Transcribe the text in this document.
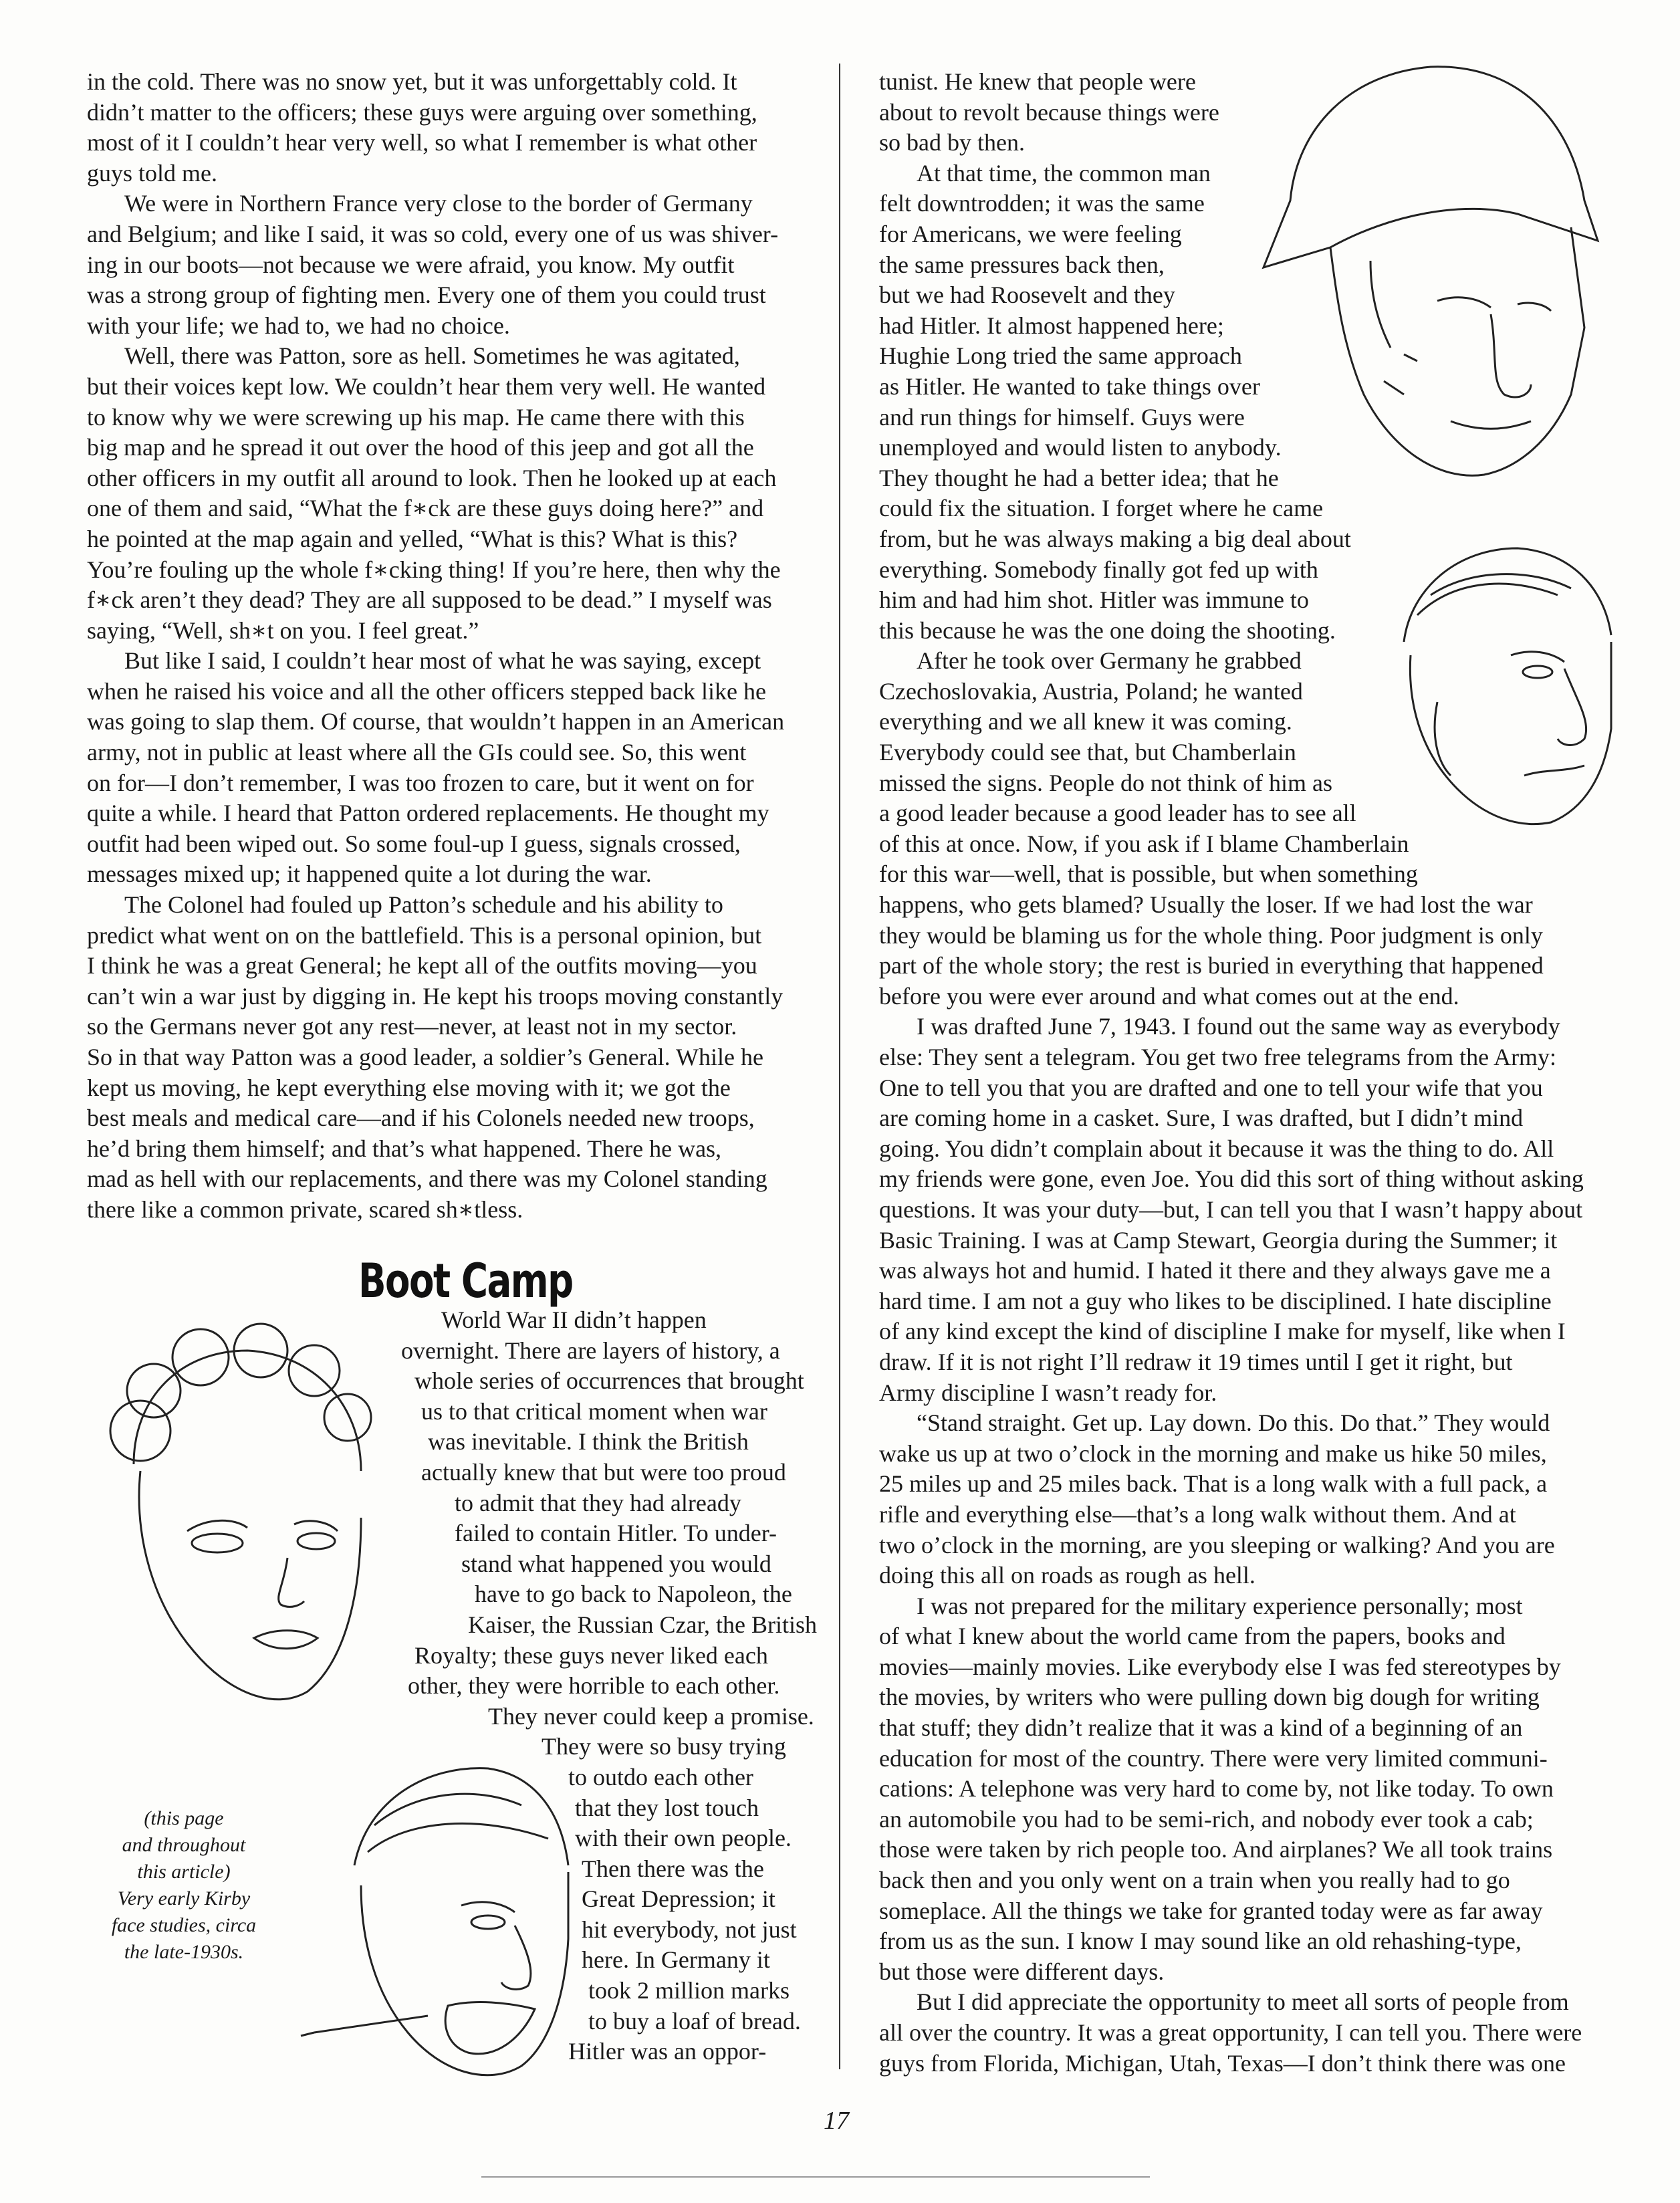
in the cold. There was no snow yet, but it was unforgettably cold. It
didn’t matter to the officers; these guys were arguing over something,
most of it I couldn’t hear very well, so what I remember is what other
guys told me.
We were in Northern France very close to the border of Germany
and Belgium; and like I said, it was so cold, every one of us was shiver-
ing in our boots—not because we were afraid, you know. My outfit
was a strong group of fighting men. Every one of them you could trust
with your life; we had to, we had no choice.
Well, there was Patton, sore as hell. Sometimes he was agitated,
but their voices kept low. We couldn’t hear them very well. He wanted
to know why we were screwing up his map. He came there with this
big map and he spread it out over the hood of this jeep and got all the
other officers in my outfit all around to look. Then he looked up at each
one of them and said, “What the f∗ck are these guys doing here?” and
he pointed at the map again and yelled, “What is this? What is this?
You’re fouling up the whole f∗cking thing! If you’re here, then why the
f∗ck aren’t they dead? They are all supposed to be dead.” I myself was
saying, “Well, sh∗t on you. I feel great.”
But like I said, I couldn’t hear most of what he was saying, except
when he raised his voice and all the other officers stepped back like he
was going to slap them. Of course, that wouldn’t happen in an American
army, not in public at least where all the GIs could see. So, this went
on for—I don’t remember, I was too frozen to care, but it went on for
quite a while. I heard that Patton ordered replacements. He thought my
outfit had been wiped out. So some foul-up I guess, signals crossed,
messages mixed up; it happened quite a lot during the war.
The Colonel had fouled up Patton’s schedule and his ability to
predict what went on on the battlefield. This is a personal opinion, but
I think he was a great General; he kept all of the outfits moving—you
can’t win a war just by digging in. He kept his troops moving constantly
so the Germans never got any rest—never, at least not in my sector.
So in that way Patton was a good leader, a soldier’s General. While he
kept us moving, he kept everything else moving with it; we got the
best meals and medical care—and if his Colonels needed new troops,
he’d bring them himself; and that’s what happened. There he was,
mad as hell with our replacements, and there was my Colonel standing
there like a common private, scared sh∗tless.
Boot Camp
World War II didn’t happen
overnight. There are layers of history, a
whole series of occurrences that brought
us to that critical moment when war
was inevitable. I think the British
actually knew that but were too proud
to admit that they had already
failed to contain Hitler. To under-
stand what happened you would
have to go back to Napoleon, the
Kaiser, the Russian Czar, the British
Royalty; these guys never liked each
other, they were horrible to each other.
They never could keep a promise.
They were so busy trying
to outdo each other
that they lost touch
with their own people.
Then there was the
Great Depression; it
hit everybody, not just
here. In Germany it
took 2 million marks
to buy a loaf of bread.
Hitler was an oppor-
(this page
and throughout
this article)
Very early Kirby
face studies, circa
the late-1930s.
tunist. He knew that people were
about to revolt because things were
so bad by then.
At that time, the common man
felt downtrodden; it was the same
for Americans, we were feeling
the same pressures back then,
but we had Roosevelt and they
had Hitler. It almost happened here;
Hughie Long tried the same approach
as Hitler. He wanted to take things over
and run things for himself. Guys were
unemployed and would listen to anybody.
They thought he had a better idea; that he
could fix the situation. I forget where he came
from, but he was always making a big deal about
everything. Somebody finally got fed up with
him and had him shot. Hitler was immune to
this because he was the one doing the shooting.
After he took over Germany he grabbed
Czechoslovakia, Austria, Poland; he wanted
everything and we all knew it was coming.
Everybody could see that, but Chamberlain
missed the signs. People do not think of him as
a good leader because a good leader has to see all
of this at once. Now, if you ask if I blame Chamberlain
for this war—well, that is possible, but when something
happens, who gets blamed? Usually the loser. If we had lost the war
they would be blaming us for the whole thing. Poor judgment is only
part of the whole story; the rest is buried in everything that happened
before you were ever around and what comes out at the end.
I was drafted June 7, 1943. I found out the same way as everybody
else: They sent a telegram. You get two free telegrams from the Army:
One to tell you that you are drafted and one to tell your wife that you
are coming home in a casket. Sure, I was drafted, but I didn’t mind
going. You didn’t complain about it because it was the thing to do. All
my friends were gone, even Joe. You did this sort of thing without asking
questions. It was your duty—but, I can tell you that I wasn’t happy about
Basic Training. I was at Camp Stewart, Georgia during the Summer; it
was always hot and humid. I hated it there and they always gave me a
hard time. I am not a guy who likes to be disciplined. I hate discipline
of any kind except the kind of discipline I make for myself, like when I
draw. If it is not right I’ll redraw it 19 times until I get it right, but
Army discipline I wasn’t ready for.
“Stand straight. Get up. Lay down. Do this. Do that.” They would
wake us up at two o’clock in the morning and make us hike 50 miles,
25 miles up and 25 miles back. That is a long walk with a full pack, a
rifle and everything else—that’s a long walk without them. And at
two o’clock in the morning, are you sleeping or walking? And you are
doing this all on roads as rough as hell.
I was not prepared for the military experience personally; most
of what I knew about the world came from the papers, books and
movies—mainly movies. Like everybody else I was fed stereotypes by
the movies, by writers who were pulling down big dough for writing
that stuff; they didn’t realize that it was a kind of a beginning of an
education for most of the country. There were very limited communi-
cations: A telephone was very hard to come by, not like today. To own
an automobile you had to be semi-rich, and nobody ever took a cab;
those were taken by rich people too. And airplanes? We all took trains
back then and you only went on a train when you really had to go
someplace. All the things we take for granted today were as far away
from us as the sun. I know I may sound like an old rehashing-type,
but those were different days.
But I did appreciate the opportunity to meet all sorts of people from
all over the country. It was a great opportunity, I can tell you. There were
guys from Florida, Michigan, Utah, Texas—I don’t think there was one
17
